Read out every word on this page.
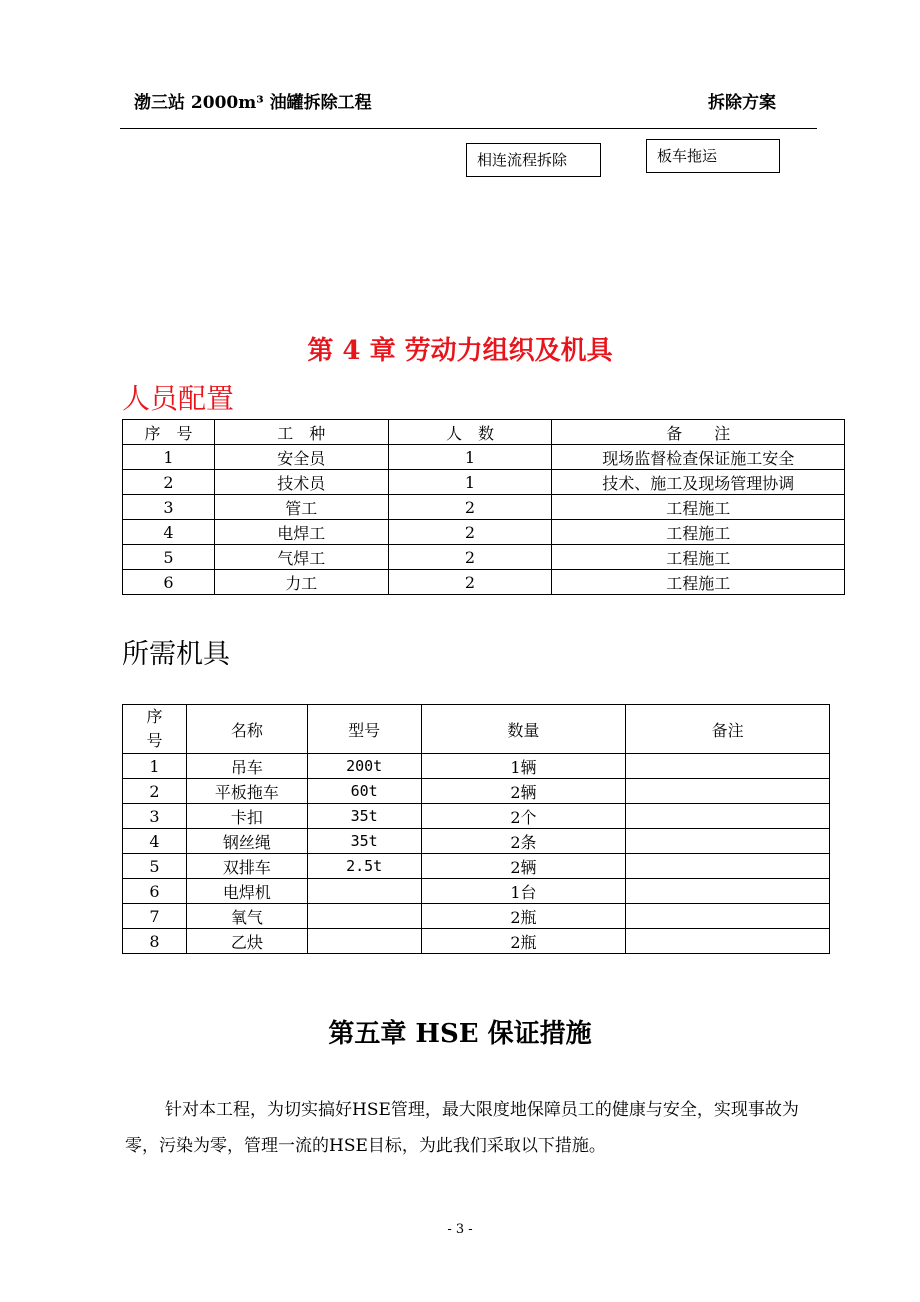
渤三站 2000m³ 油罐拆除工程	拆除方案
相连流程拆除	板车拖运
第 4 章 劳动力组织及机具
人员配置
序　号	工　种	人　数	备　　注
1	安全员	1	现场监督检查保证施工安全
2	技术员	1	技术、施工及现场管理协调
3	管工	2	工程施工
4	电焊工	2	工程施工
5	气焊工	2	工程施工
6	力工	2	工程施工
所需机具
序号	名称	型号	数量	备注
1	吊车	200t	1辆	
2	平板拖车	60t	2辆	
3	卡扣	35t	2个	
4	钢丝绳	35t	2条	
5	双排车	2.5t	2辆	
6	电焊机		1台	
7	氧气		2瓶	
8	乙炔		2瓶	
第五章 HSE 保证措施
针对本工程，为切实搞好HSE管理，最大限度地保障员工的健康与安全，实现事故为零，污染为零，管理一流的HSE目标，为此我们采取以下措施。
- 3 -
